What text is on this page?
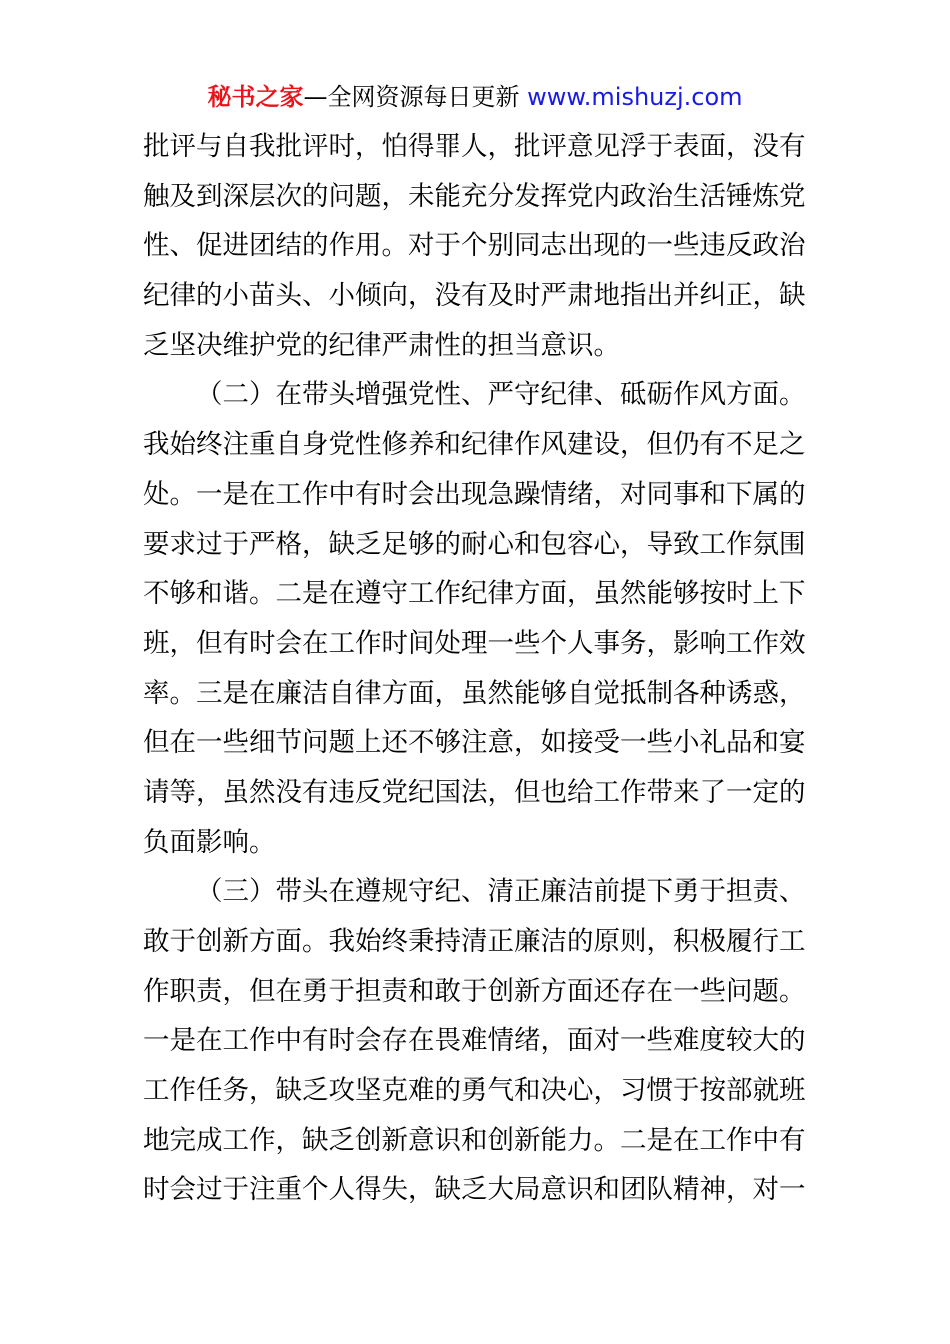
秘书之家—全网资源每日更新 www.mishuzj.com
批评与自我批评时，怕得罪人，批评意见浮于表面，没有
触及到深层次的问题，未能充分发挥党内政治生活锤炼党
性、促进团结的作用。对于个别同志出现的一些违反政治
纪律的小苗头、小倾向，没有及时严肃地指出并纠正，缺
乏坚决维护党的纪律严肃性的担当意识。
（二）在带头增强党性、严守纪律、砥砺作风方面。
我始终注重自身党性修养和纪律作风建设，但仍有不足之
处。一是在工作中有时会出现急躁情绪，对同事和下属的
要求过于严格，缺乏足够的耐心和包容心，导致工作氛围
不够和谐。二是在遵守工作纪律方面，虽然能够按时上下
班，但有时会在工作时间处理一些个人事务，影响工作效
率。三是在廉洁自律方面，虽然能够自觉抵制各种诱惑，
但在一些细节问题上还不够注意，如接受一些小礼品和宴
请等，虽然没有违反党纪国法，但也给工作带来了一定的
负面影响。
（三）带头在遵规守纪、清正廉洁前提下勇于担责、
敢于创新方面。我始终秉持清正廉洁的原则，积极履行工
作职责，但在勇于担责和敢于创新方面还存在一些问题。
一是在工作中有时会存在畏难情绪，面对一些难度较大的
工作任务，缺乏攻坚克难的勇气和决心，习惯于按部就班
地完成工作，缺乏创新意识和创新能力。二是在工作中有
时会过于注重个人得失，缺乏大局意识和团队精神，对一
